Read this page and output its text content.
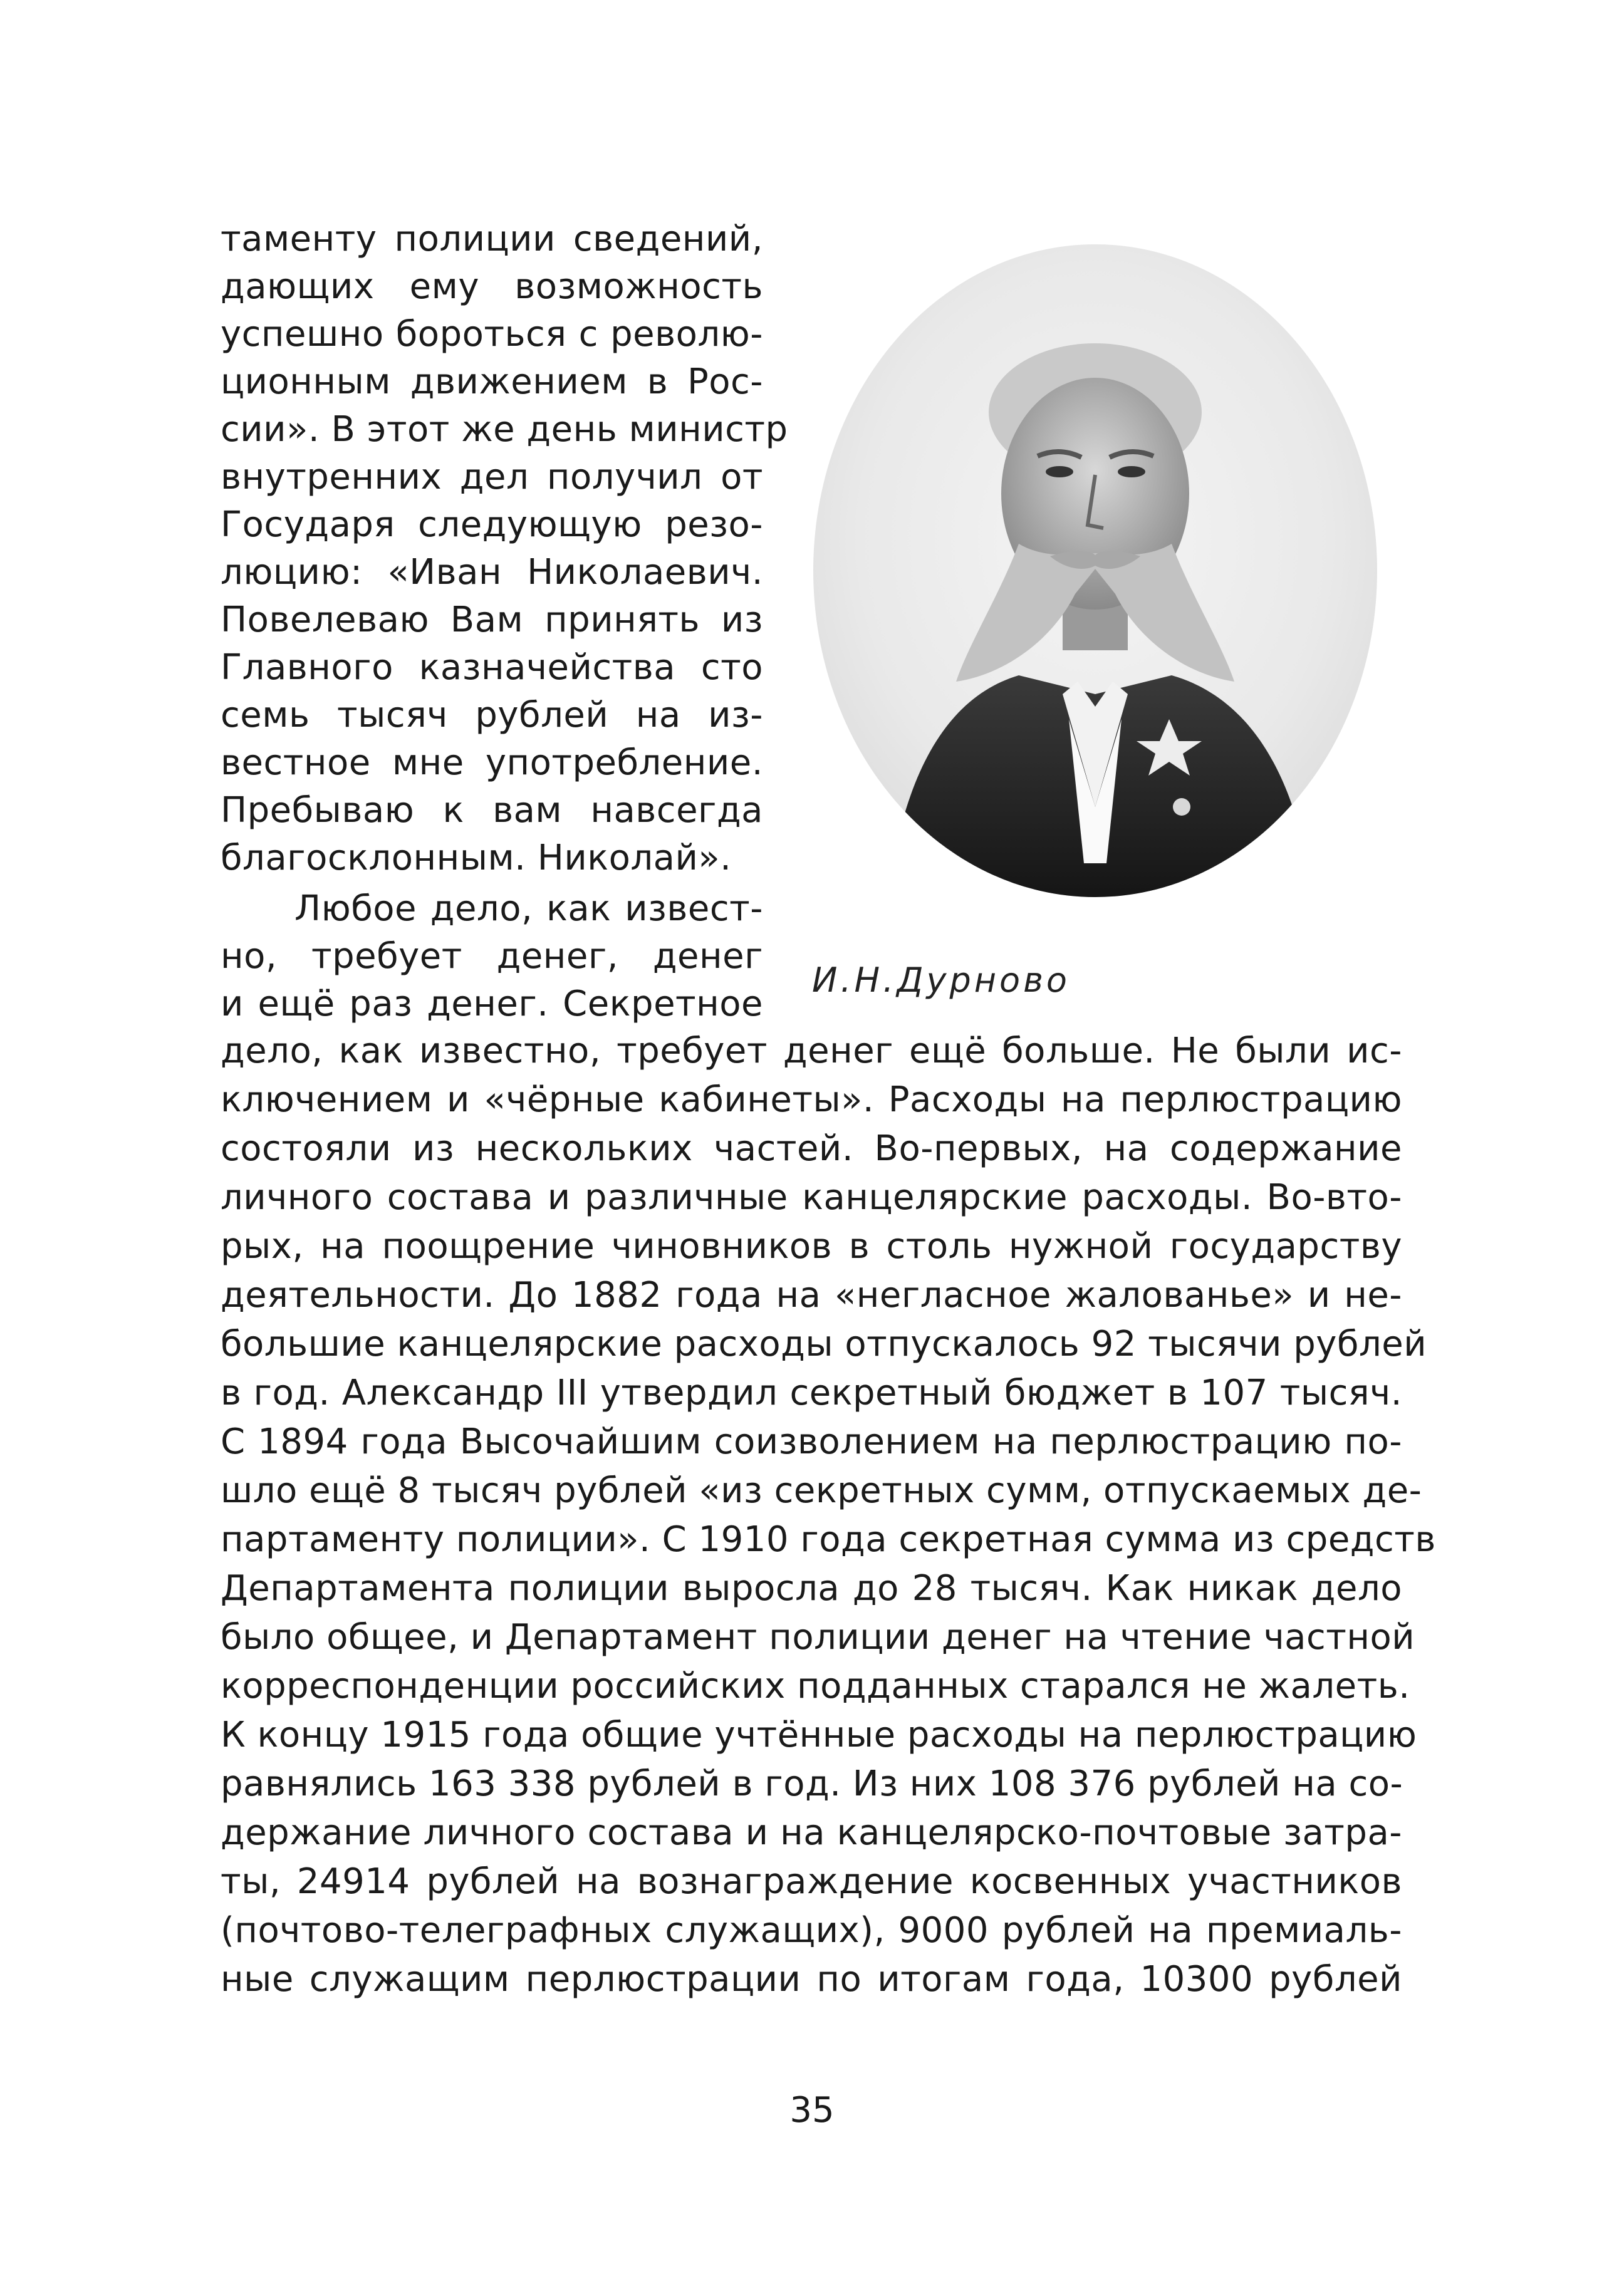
таменту полиции сведений,
дающих ему возможность
успешно бороться с револю-
ционным движением в Рос-
сии». В этот же день министр
внутренних дел получил от
Государя следующую резо-
люцию: «Иван Николаевич.
Повелеваю Вам принять из
Главного казначейства сто
семь тысяч рублей на из-
вестное мне употребление.
Пребываю к вам навсегда
благосклонным. Николай».
Любое дело, как извест-
но, требует денег, денег
и ещё раз денег. Секретное
И.Н.Дурново
дело, как известно, требует денег ещё больше. Не были ис-
ключением и «чёрные кабинеты». Расходы на перлюстрацию
состояли из нескольких частей. Во-первых, на содержание
личного состава и различные канцелярские расходы. Во-вто-
рых, на поощрение чиновников в столь нужной государству
деятельности. До 1882 года на «негласное жалованье» и не-
большие канцелярские расходы отпускалось 92 тысячи рублей
в год. Александр III утвердил секретный бюджет в 107 тысяч.
С 1894 года Высочайшим соизволением на перлюстрацию по-
шло ещё 8 тысяч рублей «из секретных сумм, отпускаемых де-
партаменту полиции». С 1910 года секретная сумма из средств
Департамента полиции выросла до 28 тысяч. Как никак дело
было общее, и Департамент полиции денег на чтение частной
корреспонденции российских подданных старался не жалеть.
К концу 1915 года общие учтённые расходы на перлюстрацию
равнялись 163 338 рублей в год. Из них 108 376 рублей на со-
держание личного состава и на канцелярско-почтовые затра-
ты, 24914 рублей на вознаграждение косвенных участников
(почтово-телеграфных служащих), 9000 рублей на премиаль-
ные служащим перлюстрации по итогам года, 10300 рублей
35
